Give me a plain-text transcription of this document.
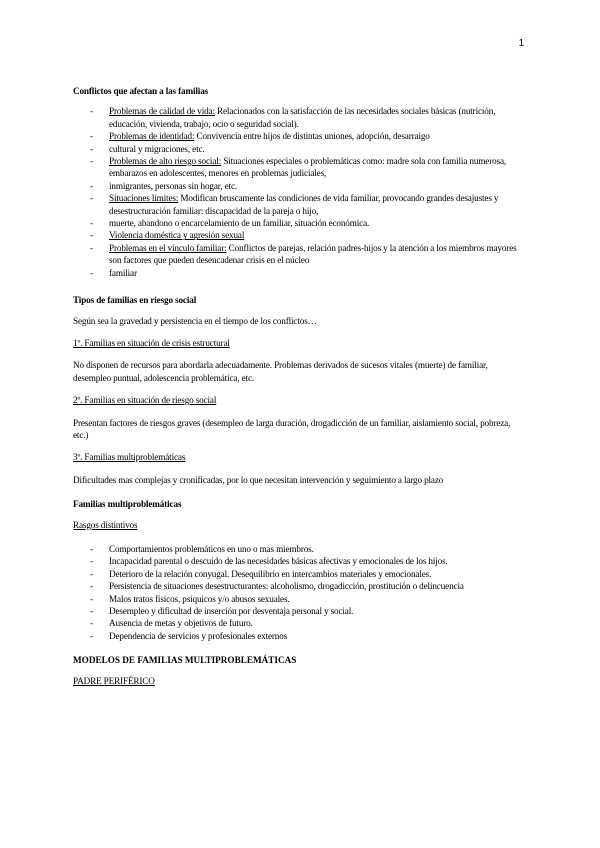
1
Conflictos que afectan a las familias
- Problemas de calidad de vida: Relacionados con la satisfacción de las necesidades sociales básicas (nutrición, educación, vivienda, trabajo, ocio o seguridad social).
- Problemas de identidad: Convivencia entre hijos de distintas uniones, adopción, desarraigo
- cultural y migraciones, etc.
- Problemas de alto riesgo social: Situaciones especiales o problemáticas como: madre sola con familia numerosa, embarazos en adolescentes, menores en problemas judiciales,
- inmigrantes, personas sin hogar, etc.
- Situaciones límites: Modifican bruscamente las condiciones de vida familiar, provocando grandes desajustes y desestructuración familiar: discapacidad de la pareja o hijo,
- muerte, abandono o encarcelamiento de un familiar, situación económica.
- Violencia doméstica y agresión sexual
- Problemas en el vínculo familiar: Conflictos de parejas, relación padres-hijos y la atención a los miembros mayores son factores que pueden desencadenar crisis en el núcleo
- familiar
Tipos de familias en riesgo social

Según sea la gravedad y persistencia en el tiempo de los conflictos…

1º. Familias en situación de crisis estructural

No disponen de recursos para abordarla adecuadamente. Problemas derivados de sucesos vitales (muerte) de familiar, desempleo puntual, adolescencia problemática, etc.

2º. Familias en situación de riesgo social

Presentan factores de riesgos graves (desempleo de larga duración, drogadicción de un familiar, aislamiento social, pobreza, etc.)

3º. Familias multiproblemáticas

Dificultades mas complejas y cronificadas, por lo que necesitan intervención y seguimiento a largo plazo

Familias multiproblemáticas

Rasgos distintivos

- Comportamientos problemáticos en uno o mas miembros.
- Incapacidad parental o descuido de las necesidades básicas afectivas y emocionales de los hijos.
- Deterioro de la relación conyugal. Desequilibrio en intercambios materiales y emocionales.
- Persistencia de situaciones desestructurantes: alcoholismo, drogadicción, prostitución o delincuencia
- Malos tratos físicos, psíquicos y/o abusos sexuales.
- Desempleo y dificultad de inserción por desventaja personal y social.
- Ausencia de metas y objetivos de futuro.
- Dependencia de servicios y profesionales externos
MODELOS DE FAMILIAS MULTIPROBLEMÁTICAS

PADRE PERIFÉRICO
